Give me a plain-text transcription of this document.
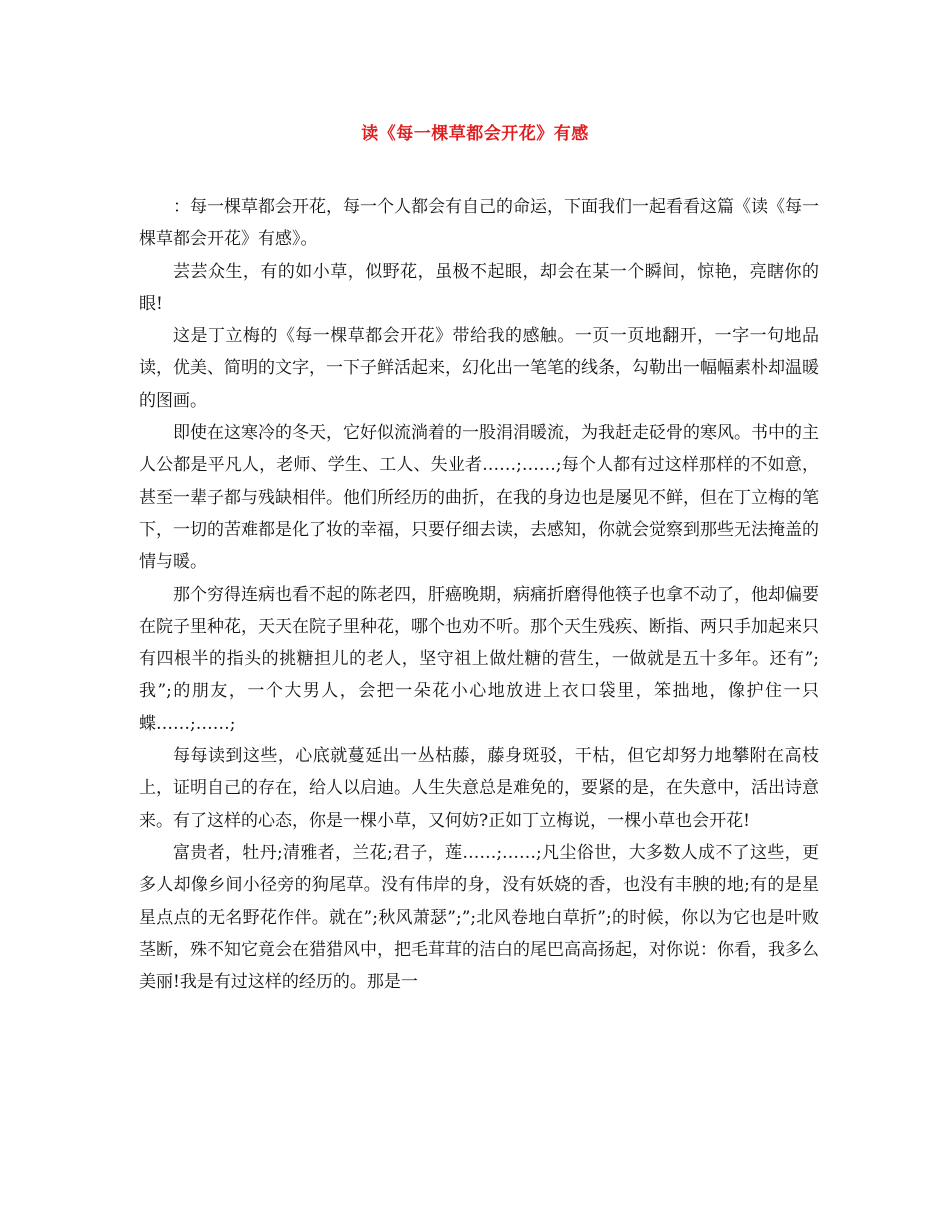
读《每一棵草都会开花》有感

：每一棵草都会开花，每一个人都会有自己的命运，下面我们一起看看这篇《读《每一棵草都会开花》有感》。

芸芸众生，有的如小草，似野花，虽极不起眼，却会在某一个瞬间，惊艳，亮瞎你的眼!

这是丁立梅的《每一棵草都会开花》带给我的感触。一页一页地翻开，一字一句地品读，优美、简明的文字，一下子鲜活起来，幻化出一笔笔的线条，勾勒出一幅幅素朴却温暖的图画。

即使在这寒冷的冬天，它好似流淌着的一股涓涓暖流，为我赶走砭骨的寒风。书中的主人公都是平凡人，老师、学生、工人、失业者……;……;每个人都有过这样那样的不如意，甚至一辈子都与残缺相伴。他们所经历的曲折，在我的身边也是屡见不鲜，但在丁立梅的笔下，一切的苦难都是化了妆的幸福，只要仔细去读，去感知，你就会觉察到那些无法掩盖的情与暖。

那个穷得连病也看不起的陈老四，肝癌晚期，病痛折磨得他筷子也拿不动了，他却偏要在院子里种花，天天在院子里种花，哪个也劝不听。那个天生残疾、断指、两只手加起来只有四根半的指头的挑糖担儿的老人，坚守祖上做灶糖的营生，一做就是五十多年。还有”;我”;的朋友，一个大男人，会把一朵花小心地放进上衣口袋里，笨拙地，像护住一只蝶……;……;

每每读到这些，心底就蔓延出一丛枯藤，藤身斑驳，干枯，但它却努力地攀附在高枝上，证明自己的存在，给人以启迪。人生失意总是难免的，要紧的是，在失意中，活出诗意来。有了这样的心态，你是一棵小草，又何妨?正如丁立梅说，一棵小草也会开花!

富贵者，牡丹;清雅者，兰花;君子，莲……;……;凡尘俗世，大多数人成不了这些，更多人却像乡间小径旁的狗尾草。没有伟岸的身，没有妖娆的香，也没有丰腴的地;有的是星星点点的无名野花作伴。就在”;秋风萧瑟”;”;北风卷地白草折”;的时候，你以为它也是叶败茎断，殊不知它竟会在猎猎风中，把毛茸茸的洁白的尾巴高高扬起，对你说：你看，我多么美丽!我是有过这样的经历的。那是一
